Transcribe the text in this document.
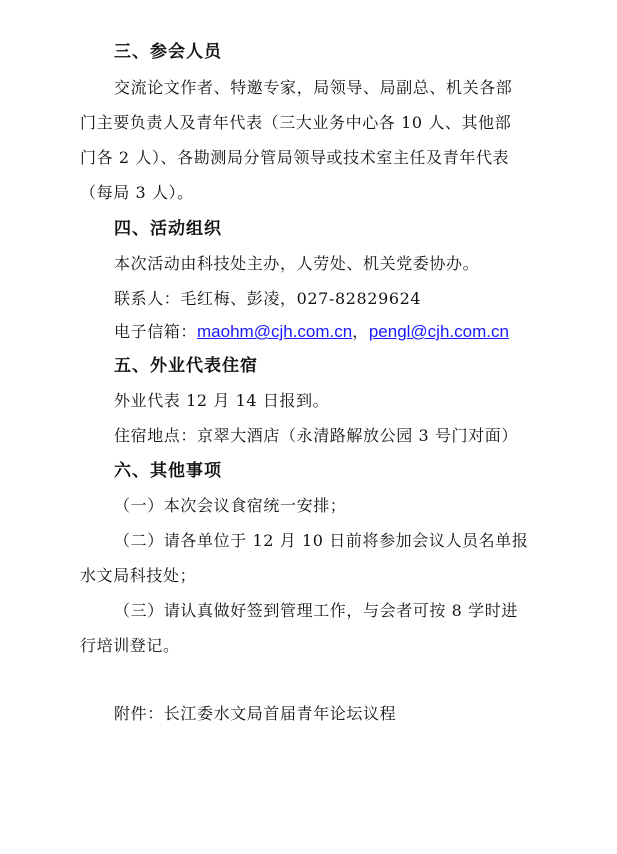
三、参会人员
交流论文作者、特邀专家，局领导、局副总、机关各部
门主要负责人及青年代表（三大业务中心各 10 人、其他部
门各 2 人）、各勘测局分管局领导或技术室主任及青年代表
（每局 3 人）。
四、活动组织
本次活动由科技处主办，人劳处、机关党委协办。
联系人：毛红梅、彭凌，027-82829624
电子信箱：maohm@cjh.com.cn，pengl@cjh.com.cn
五、外业代表住宿
外业代表 12 月 14 日报到。
住宿地点：京翠大酒店（永清路解放公园 3 号门对面）
六、其他事项
（一）本次会议食宿统一安排；
（二）请各单位于 12 月 10 日前将参加会议人员名单报
水文局科技处；
（三）请认真做好签到管理工作，与会者可按 8 学时进
行培训登记。
附件：长江委水文局首届青年论坛议程
